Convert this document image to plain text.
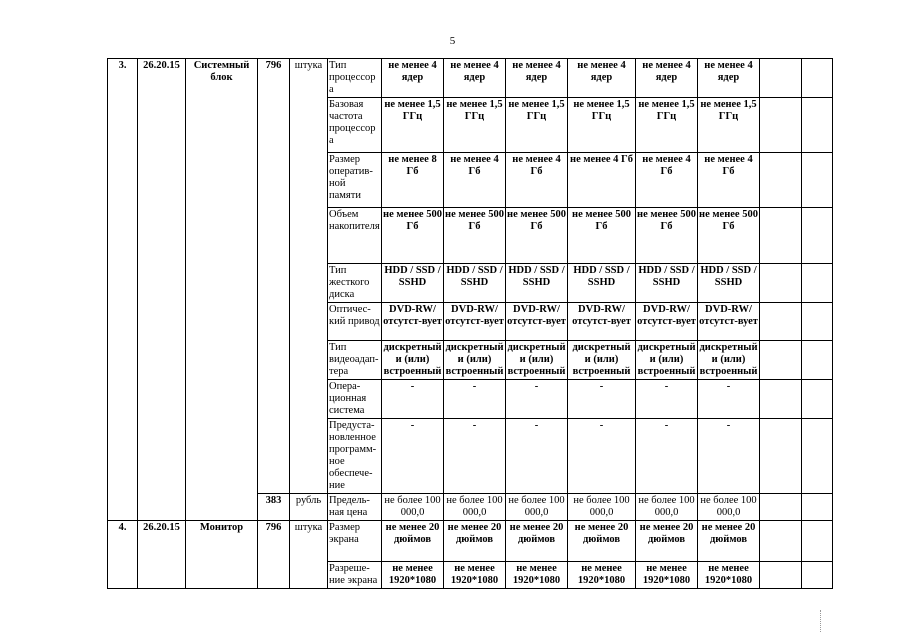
5
3.	26.20.15	Системный блок	796	штука	Тип процессора	не менее 4 ядер	не менее 4 ядер	не менее 4 ядер	не менее 4 ядер	не менее 4 ядер	не менее 4 ядер		
					Базовая частота процессора	не менее 1,5 ГГц	не менее 1,5 ГГц	не менее 1,5 ГГц	не менее 1,5 ГГц	не менее 1,5 ГГц	не менее 1,5 ГГц		
					Размер оператив-ной памяти	не менее 8 Гб	не менее 4 Гб	не менее 4 Гб	не менее 4 Гб	не менее 4 Гб	не менее 4 Гб		
					Объем накопителя	не менее 500 Гб	не менее 500 Гб	не менее 500 Гб	не менее 500 Гб	не менее 500 Гб	не менее 500 Гб		
					Тип жесткого диска	HDD / SSD / SSHD	HDD / SSD / SSHD	HDD / SSD / SSHD	HDD / SSD / SSHD	HDD / SSD / SSHD	HDD / SSD / SSHD		
					Оптичес-кий привод	DVD-RW/отсутст-вует	DVD-RW/отсутст-вует	DVD-RW/отсутст-вует	DVD-RW/отсутст-вует	DVD-RW/отсутст-вует	DVD-RW/отсутст-вует		
					Тип видеоадап-тера	дискретный и (или) встроенный	дискретный и (или) встроенный	дискретный и (или) встроенный	дискретный и (или) встроенный	дискретный и (или) встроенный	дискретный и (или) встроенный		
					Опера-ционная система	-	-	-	-	-	-		
					Предуста-новленное программ-ное обеспече-ние	-	-	-	-	-	-		
			383	рубль	Предель-ная цена	не более 100 000,0	не более 100 000,0	не более 100 000,0	не более 100 000,0	не более 100 000,0	не более 100 000,0		
4.	26.20.15	Монитор	796	штука	Размер экрана	не менее 20 дюймов	не менее 20 дюймов	не менее 20 дюймов	не менее 20 дюймов	не менее 20 дюймов	не менее 20 дюймов		
					Разреше-ние экрана	не менее 1920*1080	не менее 1920*1080	не менее 1920*1080	не менее 1920*1080	не менее 1920*1080	не менее 1920*1080		
